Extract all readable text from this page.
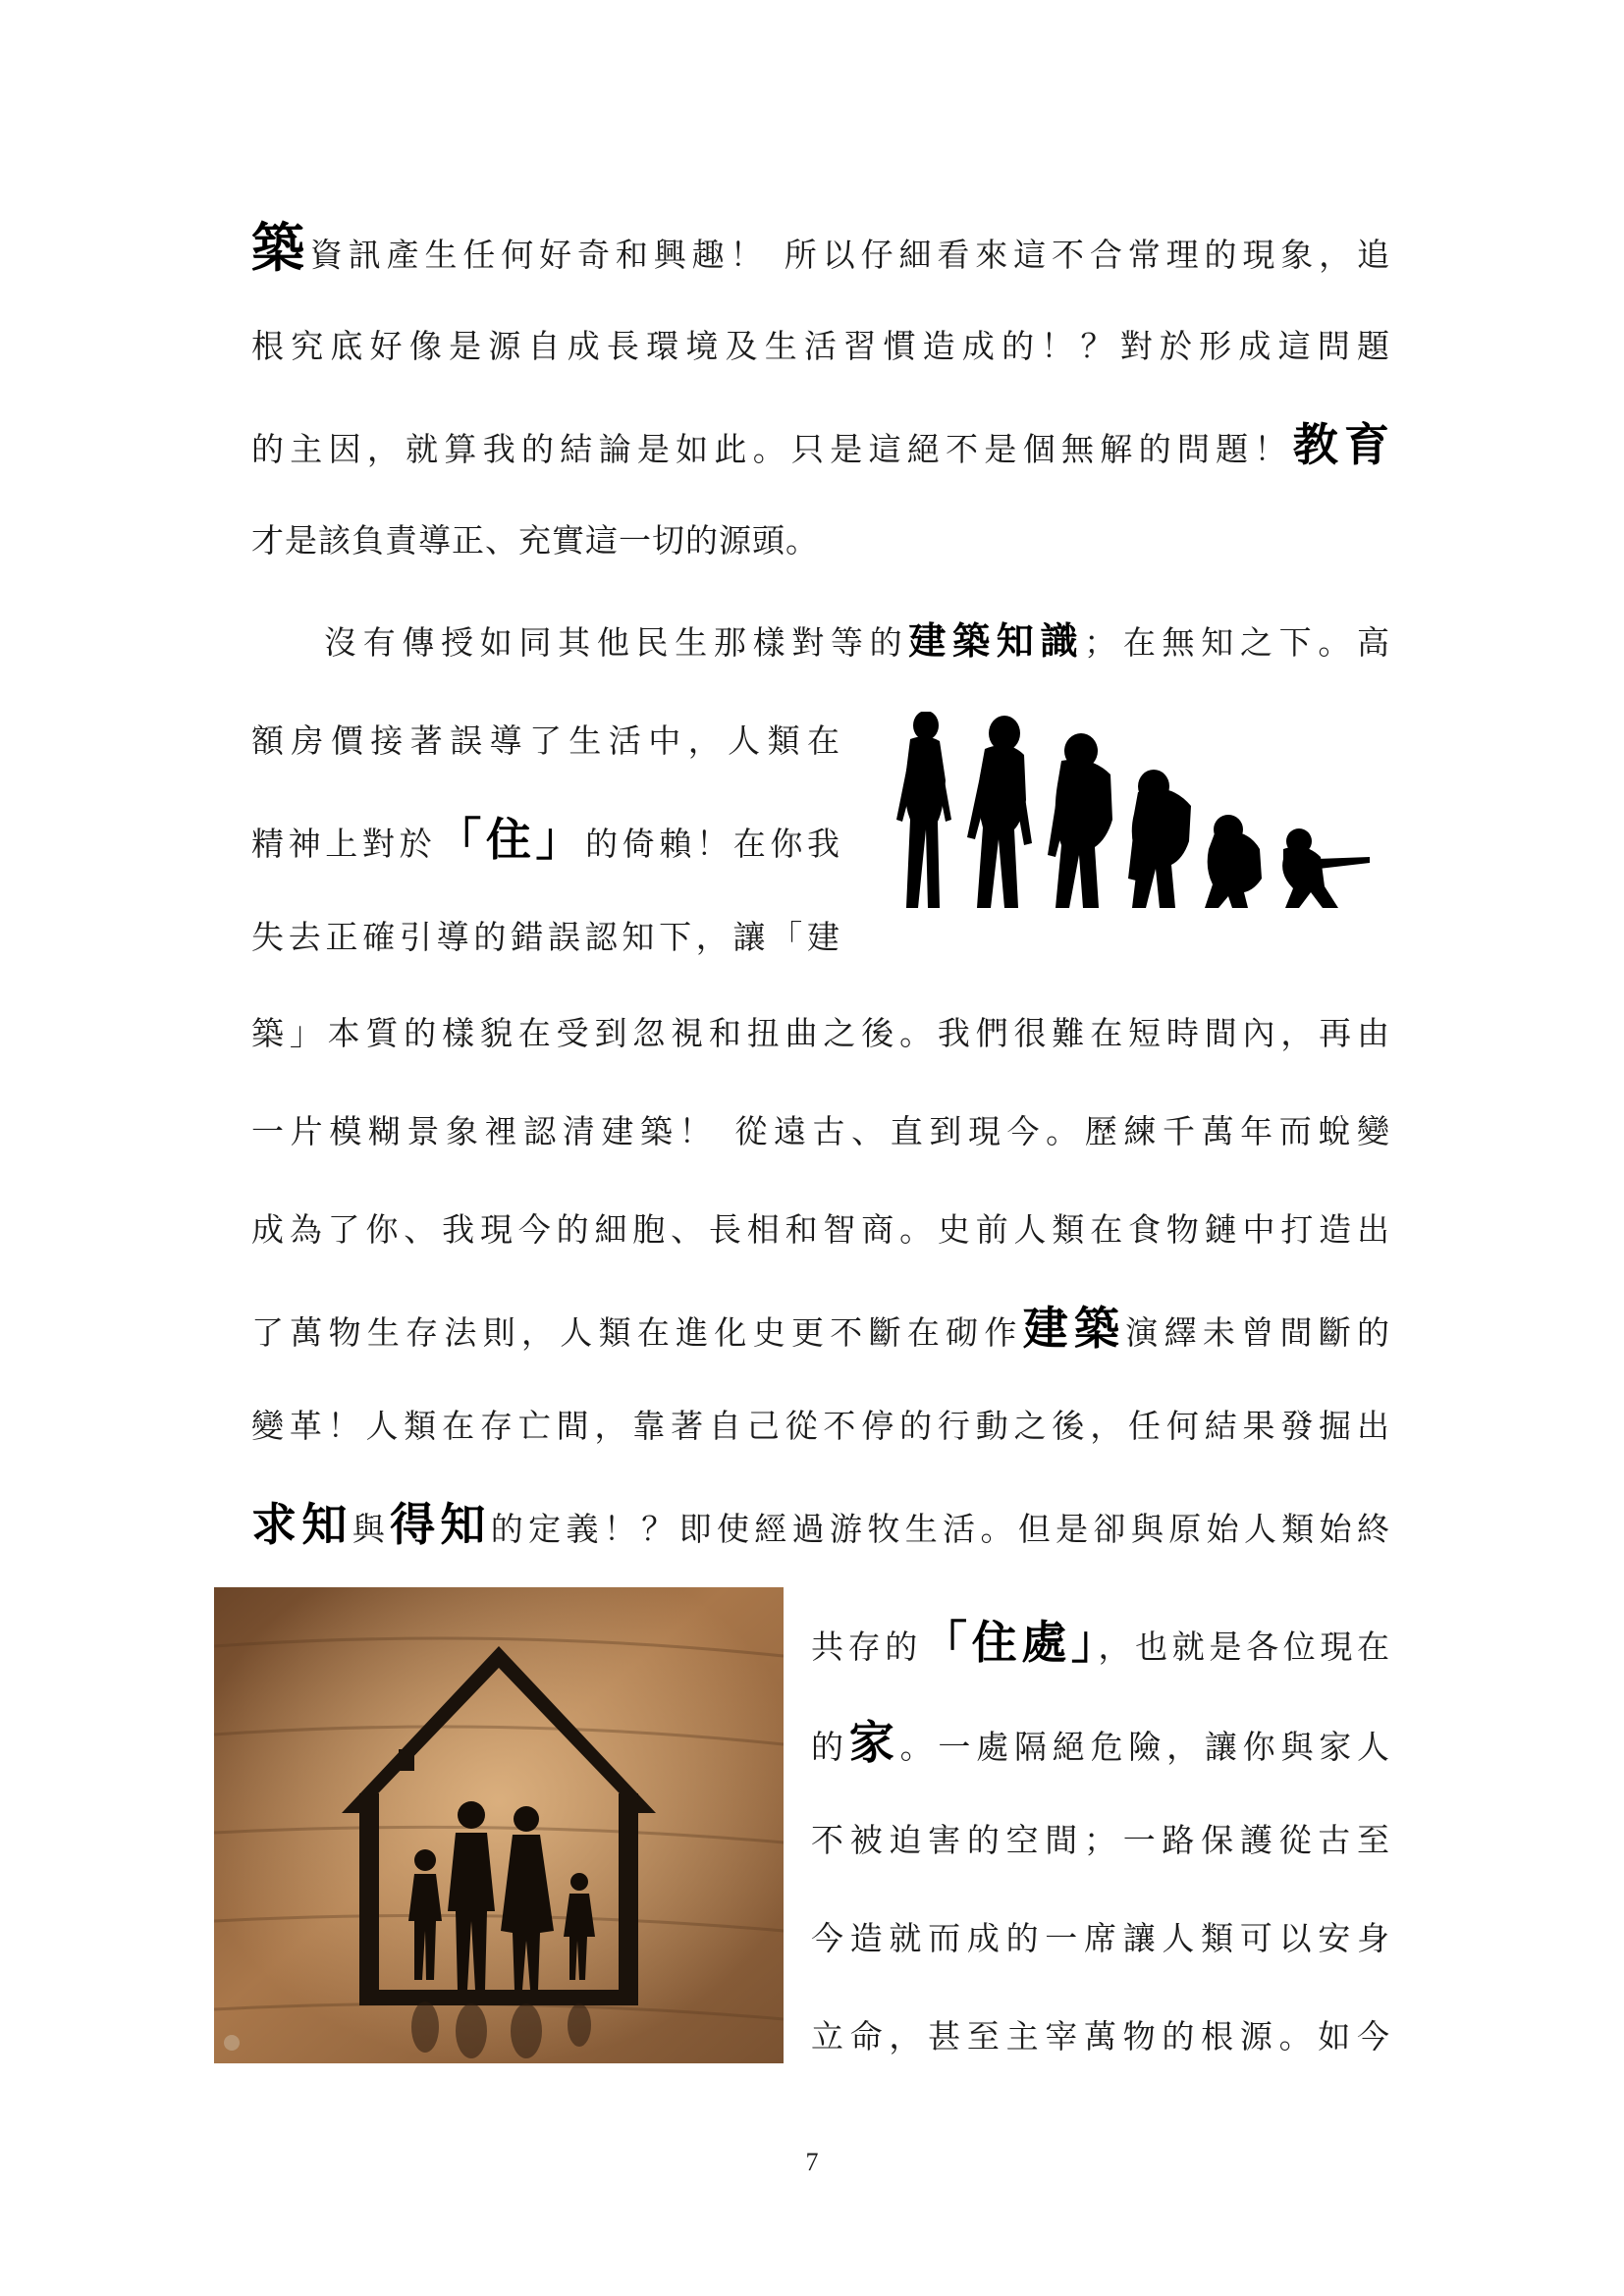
築資訊產生任何好奇和興趣！ 所以仔細看來這不合常理的現象，追
根究底好像是源自成長環境及生活習慣造成的！？對於形成這問題
的主因，就算我的結論是如此。只是這絕不是個無解的問題！教育
才是該負責導正、充實這一切的源頭。
沒有傳授如同其他民生那樣對等的建築知識；在無知之下。高
額房價接著誤導了生活中，人類在
精神上對於「住」的倚賴！在你我
失去正確引導的錯誤認知下，讓「建
築」本質的樣貌在受到忽視和扭曲之後。我們很難在短時間內，再由
一片模糊景象裡認清建築！ 從遠古、直到現今。歷練千萬年而蛻變
成為了你、我現今的細胞、長相和智商。史前人類在食物鏈中打造出
了萬物生存法則，人類在進化史更不斷在砌作建築演繹未曾間斷的
變革！人類在存亡間，靠著自己從不停的行動之後，任何結果發掘出
求知與得知的定義！？即使經過游牧生活。但是卻與原始人類始終
共存的「住處」，也就是各位現在
的家。一處隔絕危險，讓你與家人
不被迫害的空間；一路保護從古至
今造就而成的一席讓人類可以安身
立命，甚至主宰萬物的根源。如今
7
